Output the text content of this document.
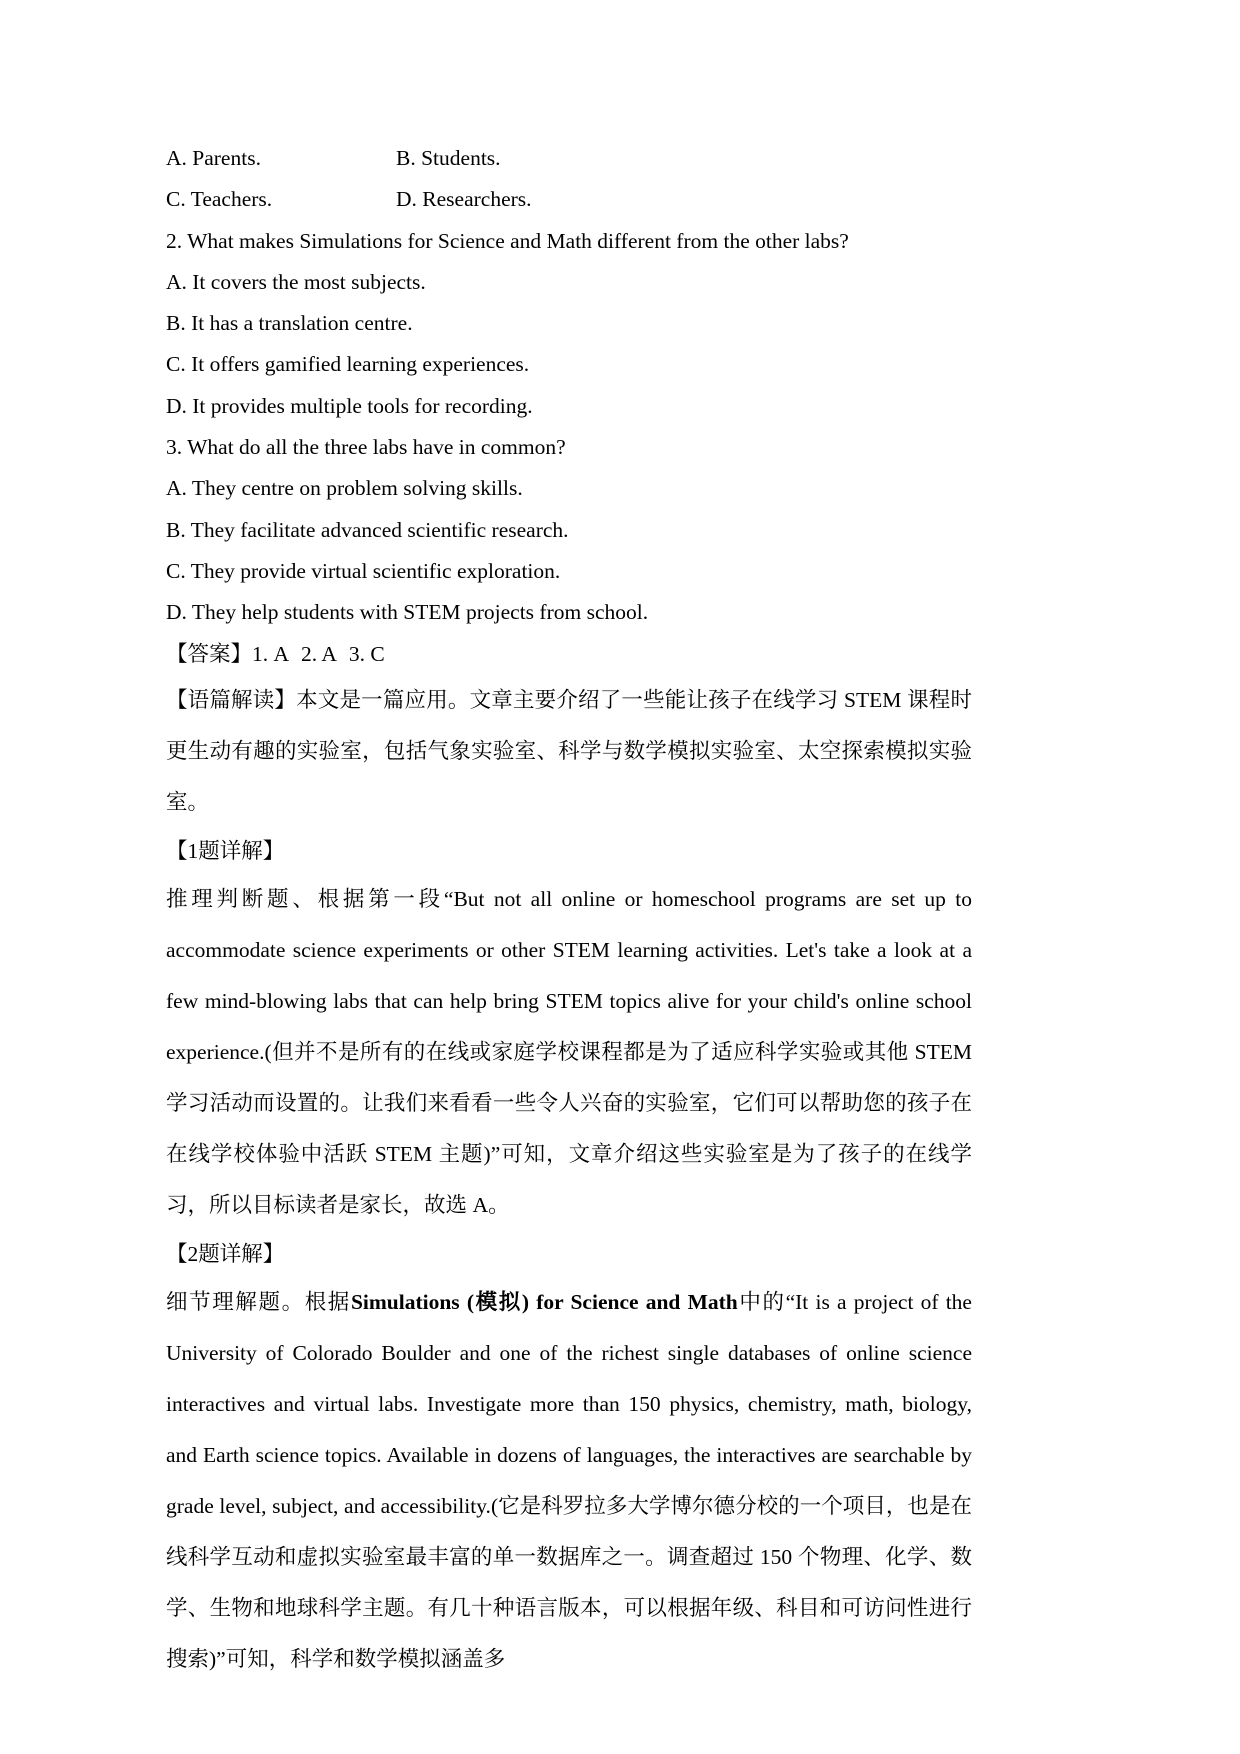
A. Parents.	B. Students.
C. Teachers.	D. Researchers.
2. What makes Simulations for Science and Math different from the other labs?
A. It covers the most subjects.
B. It has a translation centre.
C. It offers gamified learning experiences.
D. It provides multiple tools for recording.
3. What do all the three labs have in common?
A. They centre on problem solving skills.
B. They facilitate advanced scientific research.
C. They provide virtual scientific exploration.
D. They help students with STEM projects from school.
【答案】1. A 2. A 3. C

【语篇解读】本文是一篇应用。文章主要介绍了一些能让孩子在线学习 STEM 课程时更生动有趣的实验室，包括气象实验室、科学与数学模拟实验室、太空探索模拟实验室。

【1题详解】

推理判断题、根据第一段“But not all online or homeschool programs are set up to accommodate science experiments or other STEM learning activities. Let's take a look at a few mind-blowing labs that can help bring STEM topics alive for your child's online school experience.(但并不是所有的在线或家庭学校课程都是为了适应科学实验或其他 STEM 学习活动而设置的。让我们来看看一些令人兴奋的实验室，它们可以帮助您的孩子在在线学校体验中活跃 STEM 主题)”可知，文章介绍这些实验室是为了孩子的在线学习，所以目标读者是家长，故选 A。

【2题详解】

细节理解题。根据Simulations (模拟) for Science and Math中的“It is a project of the University of Colorado Boulder and one of the richest single databases of online science interactives and virtual labs. Investigate more than 150 physics, chemistry, math, biology, and Earth science topics. Available in dozens of languages, the interactives are searchable by grade level, subject, and accessibility.(它是科罗拉多大学博尔德分校的一个项目，也是在线科学互动和虚拟实验室最丰富的单一数据库之一。调查超过 150 个物理、化学、数学、生物和地球科学主题。有几十种语言版本，可以根据年级、科目和可访问性进行搜索)”可知，科学和数学模拟涵盖多
